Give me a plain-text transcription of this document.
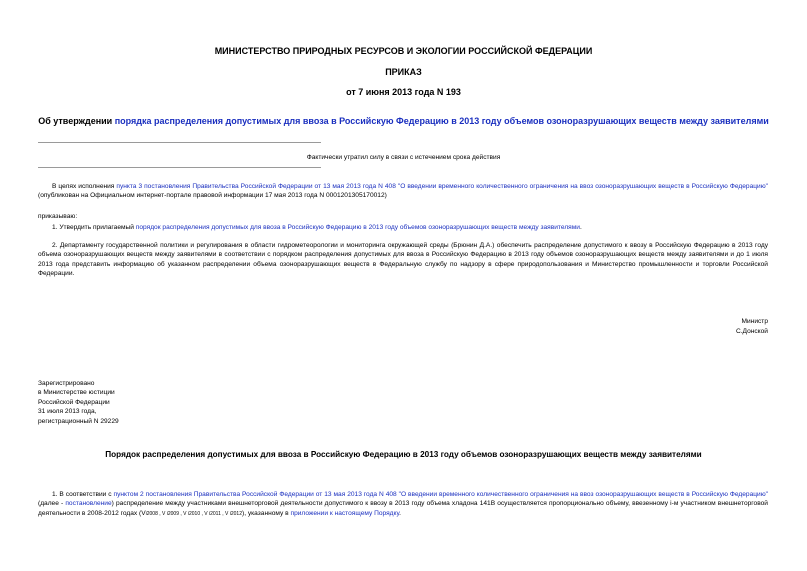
МИНИСТЕРСТВО ПРИРОДНЫХ РЕСУРСОВ И ЭКОЛОГИИ РОССИЙСКОЙ ФЕДЕРАЦИИ
ПРИКАЗ
от 7 июня 2013 года N 193
Об утверждении порядка распределения допустимых для ввоза в Российскую Федерацию в 2013 году объемов озоноразрушающих веществ между заявителями
Фактически утратил силу в связи с истечением срока действия
В целях исполнения пункта 3 постановления Правительства Российской Федерации от 13 мая 2013 года N 408 "О введении временного количественного ограничения на ввоз озоноразрушающих веществ в Российскую Федерацию" (опубликован на Официальном интернет-портале правовой информации 17 мая 2013 года N 0001201305170012)
приказываю:
1. Утвердить прилагаемый порядок распределения допустимых для ввоза в Российскую Федерацию в 2013 году объемов озоноразрушающих веществ между заявителями.
2. Департаменту государственной политики и регулирования в области гидрометеорологии и мониторинга окружающей среды (Брюнин Д.А.) обеспечить распределение допустимого к ввозу в Российскую Федерацию в 2013 году объема озоноразрушающих веществ между заявителями в соответствии с порядком распределения допустимых для ввоза в Российскую Федерацию в 2013 году объемов озоноразрушающих веществ между заявителями и до 1 июля 2013 года представить информацию об указанном распределении объема озоноразрушающих веществ в Федеральную службу по надзору в сфере природопользования и Министерство промышленности и торговли Российской Федерации.
Министр
С.Донской
Зарегистрировано
в Министерстве юстиции
Российской Федерации
31 июля 2013 года,
регистрационный N 29229
Порядок распределения допустимых для ввоза в Российскую Федерацию в 2013 году объемов озоноразрушающих веществ между заявителями
1. В соответствии с пунктом 2 постановления Правительства Российской Федерации от 13 мая 2013 года N 408 "О введении временного количественного ограничения на ввоз озоноразрушающих веществ в Российскую Федерацию" (далее - постановление) распределение между участниками внешнеторговой деятельности допустимого к ввозу в 2013 году объема хладона 141В осуществляется пропорционально объему, ввезенному i-м участником внешнеторговой деятельности в 2008-2012 годах (Vi2008 , V i2009 , V i2010 , V i2011 , V i2012), указанному в приложении к настоящему Порядку.
